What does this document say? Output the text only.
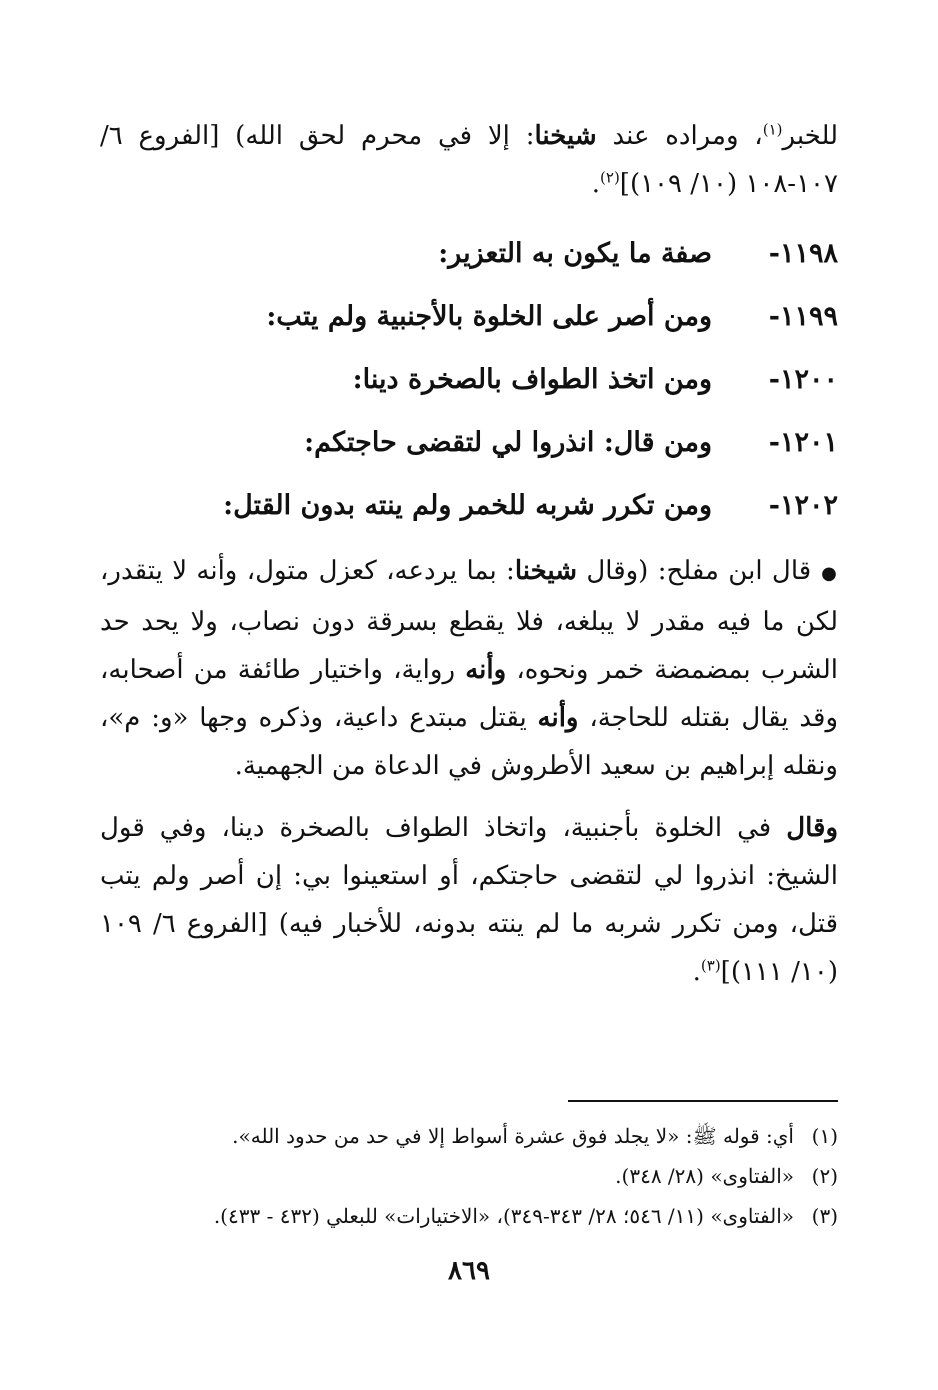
للخبر$^{(١)}$، ومراده عند شيخنا: إلا في محرم لحق الله) [الفروع ٦/ ١٠٧-١٠٨ (١٠/ ١٠٩)]$^{(٢)}$.

١١٩٨-صفة ما يكون به التعزير:
١١٩٩-ومن أصر على الخلوة بالأجنبية ولم يتب:
١٢٠٠-ومن اتخذ الطواف بالصخرة دينا:
١٢٠١-ومن قال: انذروا لي لتقضى حاجتكم:
١٢٠٢-ومن تكرر شربه للخمر ولم ينته بدون القتل:

●قال ابن مفلح: (وقال شيخنا: بما يردعه، كعزل متول، وأنه لا يتقدر، لكن ما فيه مقدر لا يبلغه، فلا يقطع بسرقة دون نصاب، ولا يحد حد الشرب بمضمضة خمر ونحوه، وأنه رواية، واختيار طائفة من أصحابه، وقد يقال بقتله للحاجة، وأنه يقتل مبتدع داعية، وذكره وجها «و: م»، ونقله إبراهيم بن سعيد الأطروش في الدعاة من الجهمية.

وقال في الخلوة بأجنبية، واتخاذ الطواف بالصخرة دينا، وفي قول الشيخ: انذروا لي لتقضى حاجتكم، أو استعينوا بي: إن أصر ولم يتب قتل، ومن تكرر شربه ما لم ينته بدونه، للأخبار فيه) [الفروع ٦/ ١٠٩ (١٠/ ١١١)]$^{(٣)}$.

(١)أي: قوله ﷺ: «لا يجلد فوق عشرة أسواط إلا في حد من حدود الله».

(٢)«الفتاوى» (٢٨/ ٣٤٨).

(٣)«الفتاوى» (١١/ ٥٤٦؛ ٢٨/ ٣٤٣-٣٤٩)، «الاختيارات» للبعلي (٤٣٢ - ٤٣٣).

٨٦٩
